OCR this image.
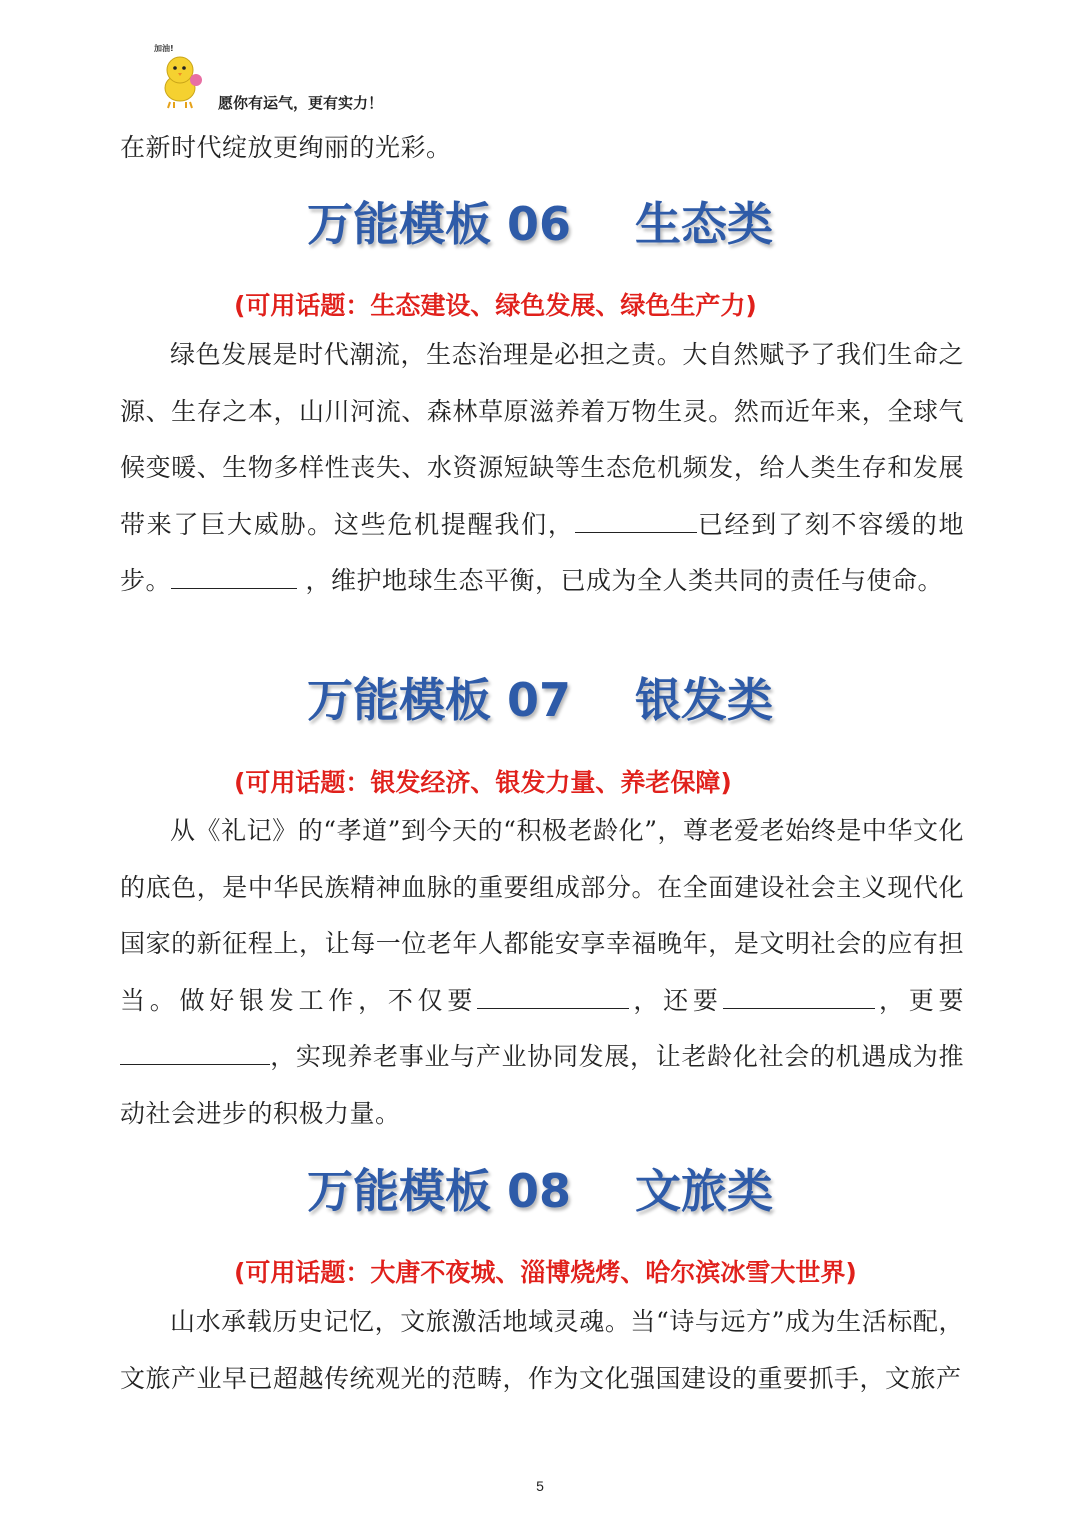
加油!
愿你有运气，更有实力！

在新时代绽放更绚丽的光彩。

万能模板 06    生态类

(可用话题：生态建设、绿色发展、绿色生产力)

绿色发展是时代潮流，生态治理是必担之责。大自然赋予了我们生命之源、生存之本，山川河流、森林草原滋养着万物生灵。然而近年来，全球气候变暖、生物多样性丧失、水资源短缺等生态危机频发，给人类生存和发展带来了巨大威胁。这些危机提醒我们，	已经到了刻不容缓的地步。	，维护地球生态平衡，已成为全人类共同的责任与使命。

万能模板 07    银发类

(可用话题：银发经济、银发力量、养老保障)

从《礼记》的“孝道”到今天的“积极老龄化”，尊老爱老始终是中华文化的底色，是中华民族精神血脉的重要组成部分。在全面建设社会主义现代化国家的新征程上，让每一位老年人都能安享幸福晚年，是文明社会的应有担当。做好银发工作，不仅要	，还要	，更要，实现养老事业与产业协同发展，让老龄化社会的机遇成为推动社会进步的积极力量。

万能模板 08    文旅类

(可用话题：大唐不夜城、淄博烧烤、哈尔滨冰雪大世界)

山水承载历史记忆，文旅激活地域灵魂。当“诗与远方”成为生活标配，文旅产业早已超越传统观光的范畴，作为文化强国建设的重要抓手，文旅产

5
